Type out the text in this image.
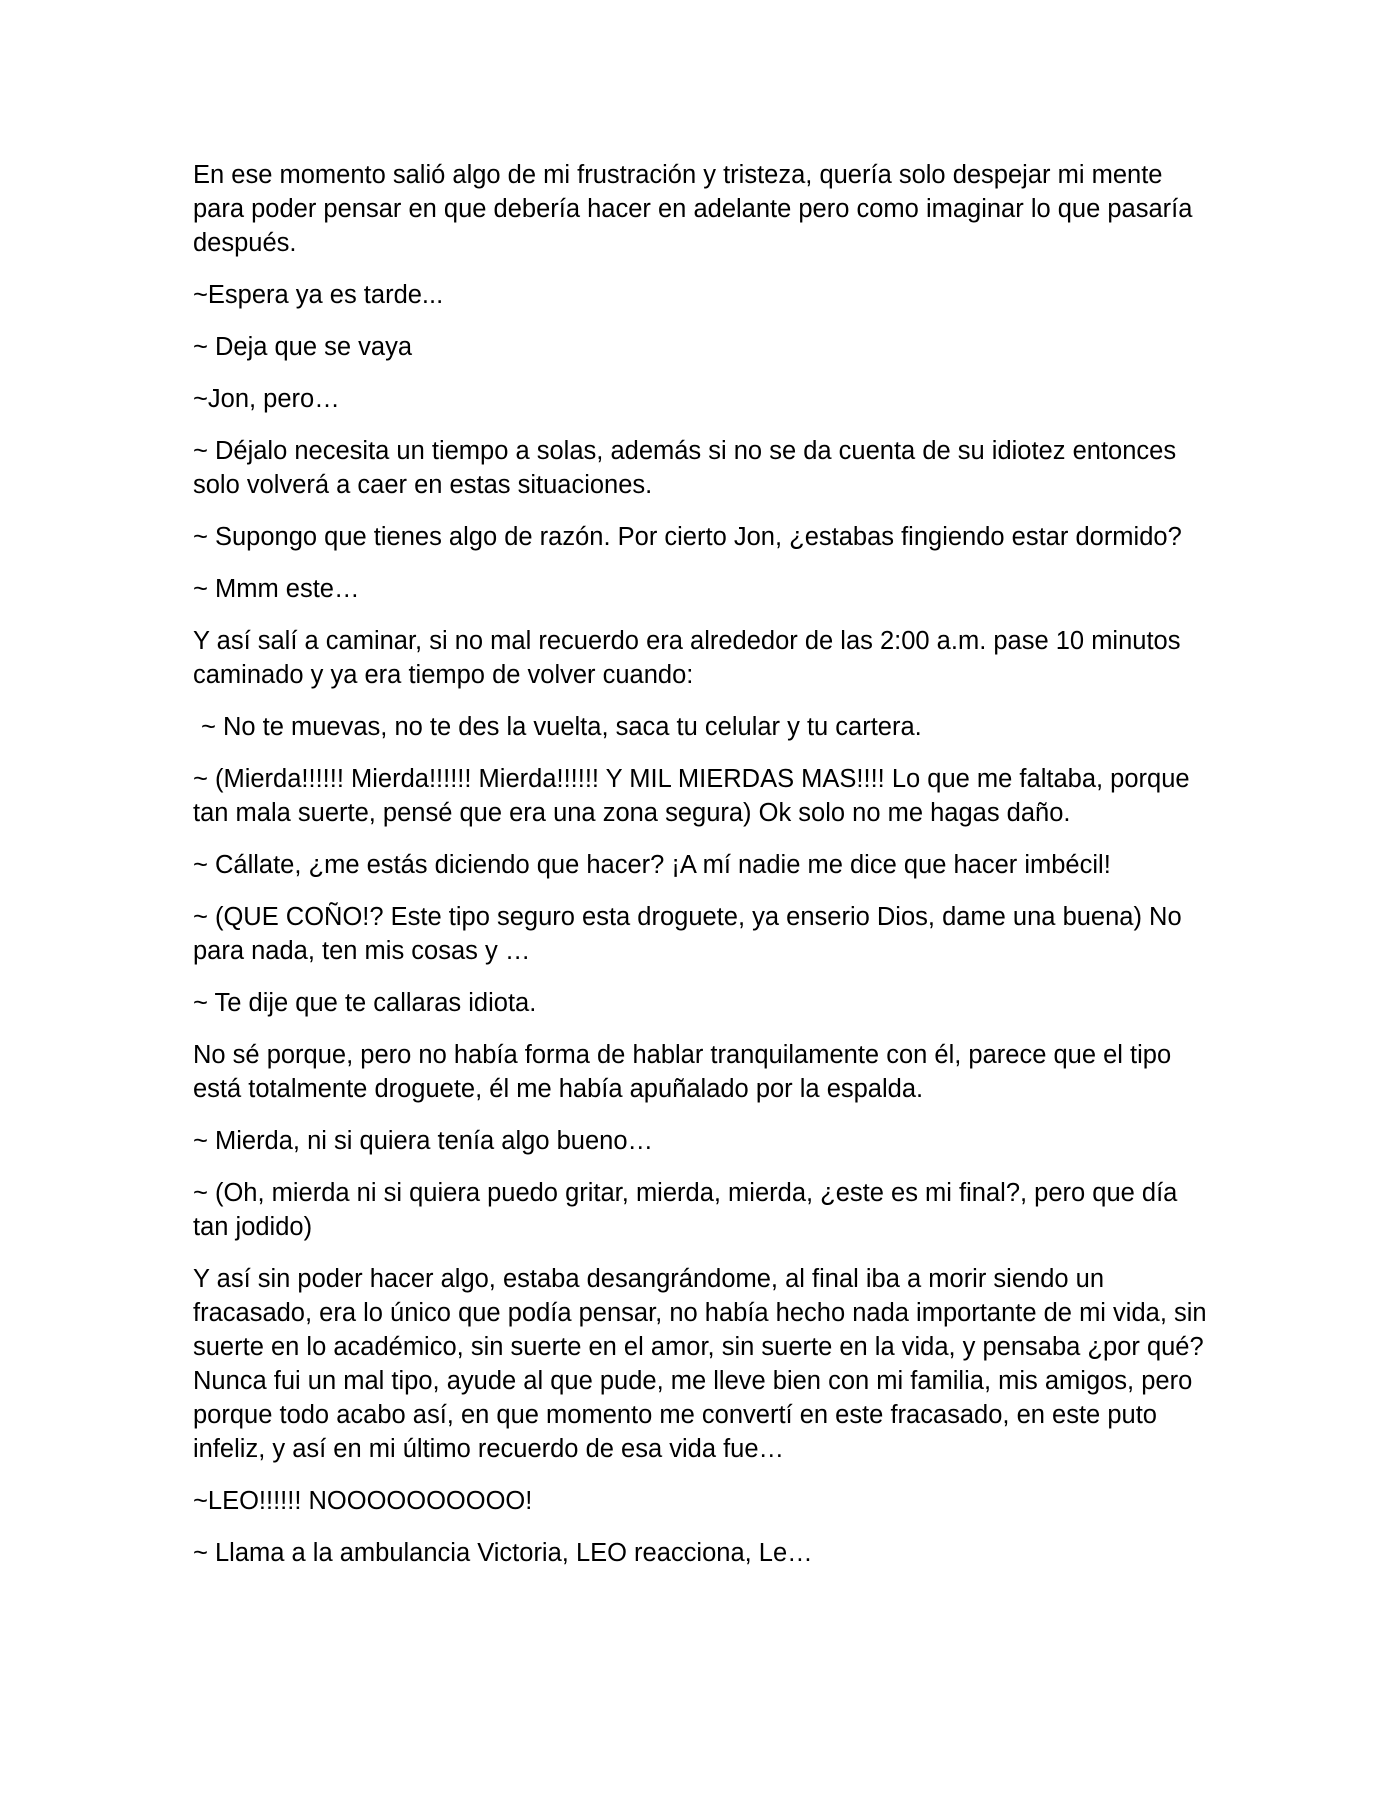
En ese momento salió algo de mi frustración y tristeza, quería solo despejar mi mente para poder pensar en que debería hacer en adelante pero como imaginar lo que pasaría después.

~Espera ya es tarde...

~ Deja que se vaya

~Jon, pero…

~ Déjalo necesita un tiempo a solas, además si no se da cuenta de su idiotez entonces solo volverá a caer en estas situaciones.

~ Supongo que tienes algo de razón. Por cierto Jon, ¿estabas fingiendo estar dormido?

~ Mmm este…

Y así salí a caminar, si no mal recuerdo era alrededor de las 2:00 a.m. pase 10 minutos caminado y ya era tiempo de volver cuando:

~ No te muevas, no te des la vuelta, saca tu celular y tu cartera.

~ (Mierda!!!!!! Mierda!!!!!! Mierda!!!!!! Y MIL MIERDAS MAS!!!! Lo que me faltaba, porque tan mala suerte, pensé que era una zona segura) Ok solo no me hagas daño.

~ Cállate, ¿me estás diciendo que hacer? ¡A mí nadie me dice que hacer imbécil!

~ (QUE COÑO!? Este tipo seguro esta droguete, ya enserio Dios, dame una buena) No para nada, ten mis cosas y …

~ Te dije que te callaras idiota.

No sé porque, pero no había forma de hablar tranquilamente con él, parece que el tipo está totalmente droguete, él me había apuñalado por la espalda.

~ Mierda, ni si quiera tenía algo bueno…

~ (Oh, mierda ni si quiera puedo gritar, mierda, mierda, ¿este es mi final?, pero que día tan jodido)

Y así sin poder hacer algo, estaba desangrándome, al final iba a morir siendo un fracasado, era lo único que podía pensar, no había hecho nada importante de mi vida, sin suerte en lo académico, sin suerte en el amor, sin suerte en la vida, y pensaba ¿por qué? Nunca fui un mal tipo, ayude al que pude, me lleve bien con mi familia, mis amigos, pero porque todo acabo así, en que momento me convertí en este fracasado, en este puto infeliz, y así en mi último recuerdo de esa vida fue…

~LEO!!!!!! NOOOOOOOOOO!

~ Llama a la ambulancia Victoria, LEO reacciona, Le…
